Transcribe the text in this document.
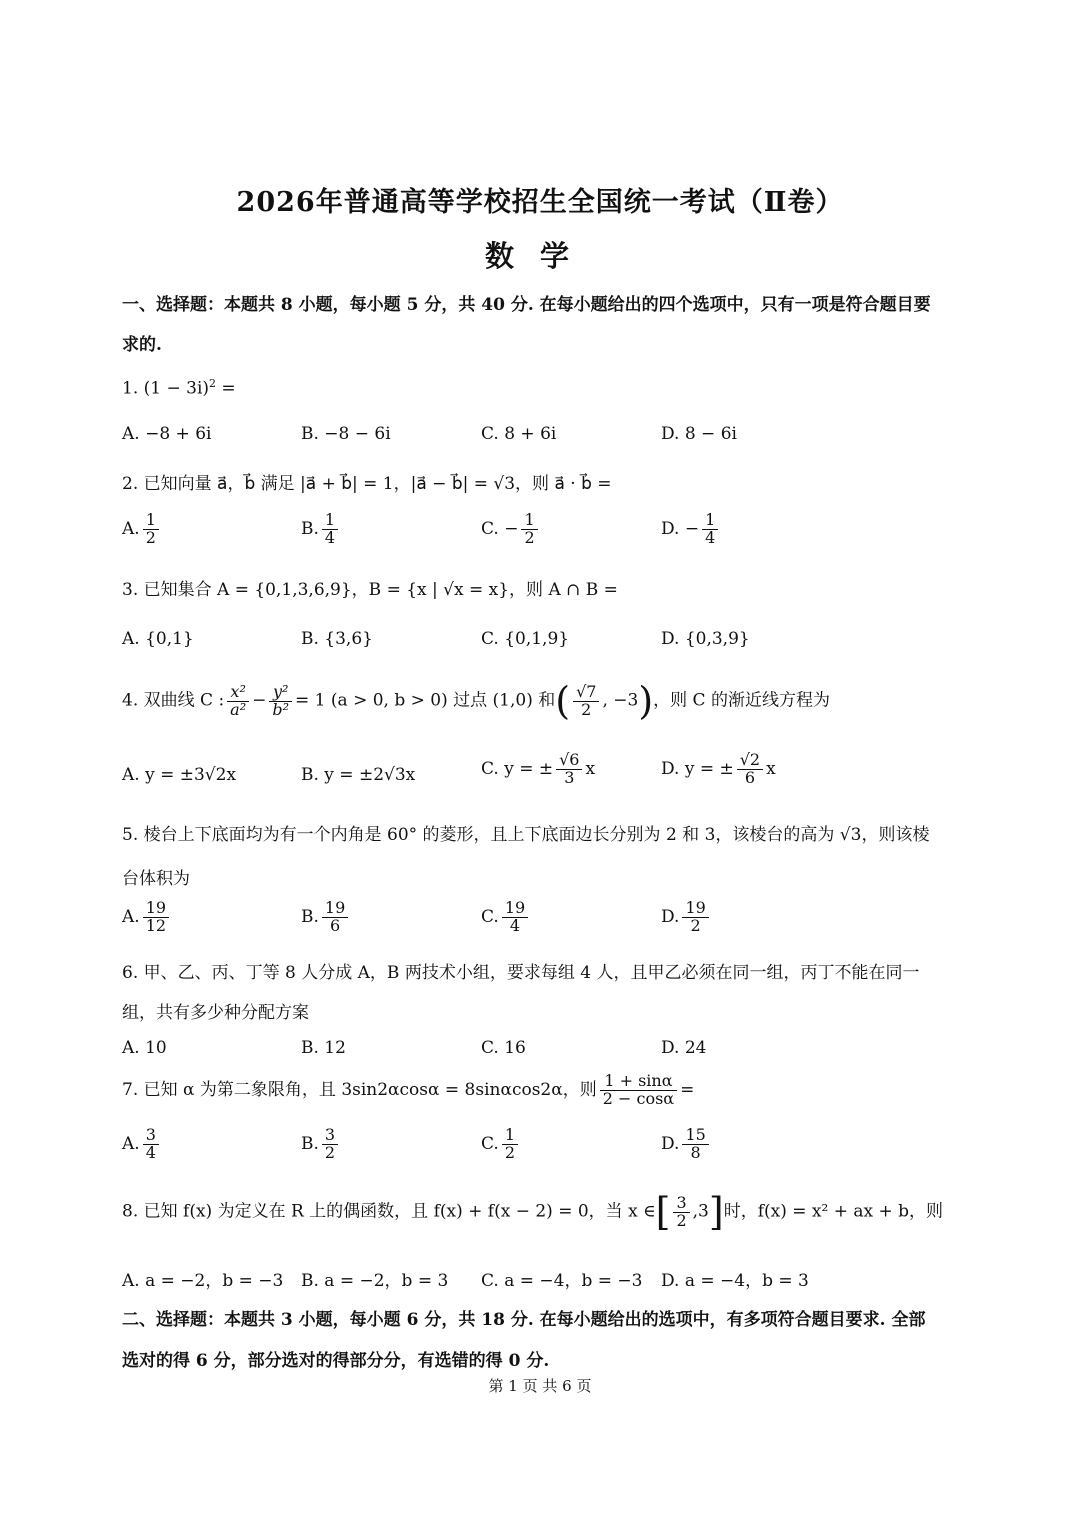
2026年普通高等学校招生全国统一考试（Ⅱ卷）
数学
一、选择题：本题共 8 小题，每小题 5 分，共 40 分. 在每小题给出的四个选项中，只有一项是符合题目要
求的.
1. $(1 - 3i)^2$ =
A. −8 + 6i	B. −8 − 6i	C. 8 + 6i	D. 8 − 6i
2. 已知向量 a⃗，b⃗ 满足 |a⃗ + b⃗| = 1，|a⃗ − b⃗| = √3，则 a⃗ · b⃗ =
A. $\frac{1}{2}$	B. $\frac{1}{4}$	C. − $\frac{1}{2}$	D. − $\frac{1}{4}$
3. 已知集合 A = {0,1,3,6,9}，B = {x | √x = x}，则 A ∩ B =
A. {0,1}	B. {3,6}	C. {0,1,9}	D. {0,3,9}
4. 双曲线 C : $\frac{\text{x²}}{\text{a²}} - \frac{\text{y²}}{\text{b²}} = 1$ (a > 0, b > 0) 过点 (1,0) 和( $\frac{√7}{2}$ , −3)，则 C 的渐近线方程为
A. y = ±3√2x	B. y = ±2√3x	C. y = ± $\frac{√6}{3}$ x	D. y = ± $\frac{√2}{6}$ x
5. 棱台上下底面均为有一个内角是 60° 的菱形，且上下底面边长分别为 2 和 3，该棱台的高为 √3，则该棱
台体积为
A. $\frac{19}{12}$	B. $\frac{19}{6}$	C. $\frac{19}{4}$	D. $\frac{19}{2}$
6. 甲、乙、丙、丁等 8 人分成 A，B 两技术小组，要求每组 4 人，且甲乙必须在同一组，丙丁不能在同一
组，共有多少种分配方案
A. 10	B. 12	C. 16	D. 24
7. 已知 α 为第二象限角，且 3sin2αcosα = 8sinαcos2α，则 $\frac{1 + \sin\alpha}{2 - \cos\alpha}$ =
A. $\frac{3}{4}$	B. $\frac{3}{2}$	C. $\frac{1}{2}$	D. $\frac{15}{8}$
8. 已知 f(x) 为定义在 R 上的偶函数，且 f(x) + f(x − 2) = 0，当 x ∈[ $\frac{3}{2} ,3$]时，f(x) = x² + ax + b，则
A. a = −2，b = −3 B. a = −2，b = 3 C. a = −4，b = −3 D. a = −4，b = 3
二、选择题：本题共 3 小题，每小题 6 分，共 18 分. 在每小题给出的选项中，有多项符合题目要求. 全部
选对的得 6 分，部分选对的得部分分，有选错的得 0 分.
第 1 页 共 6 页
